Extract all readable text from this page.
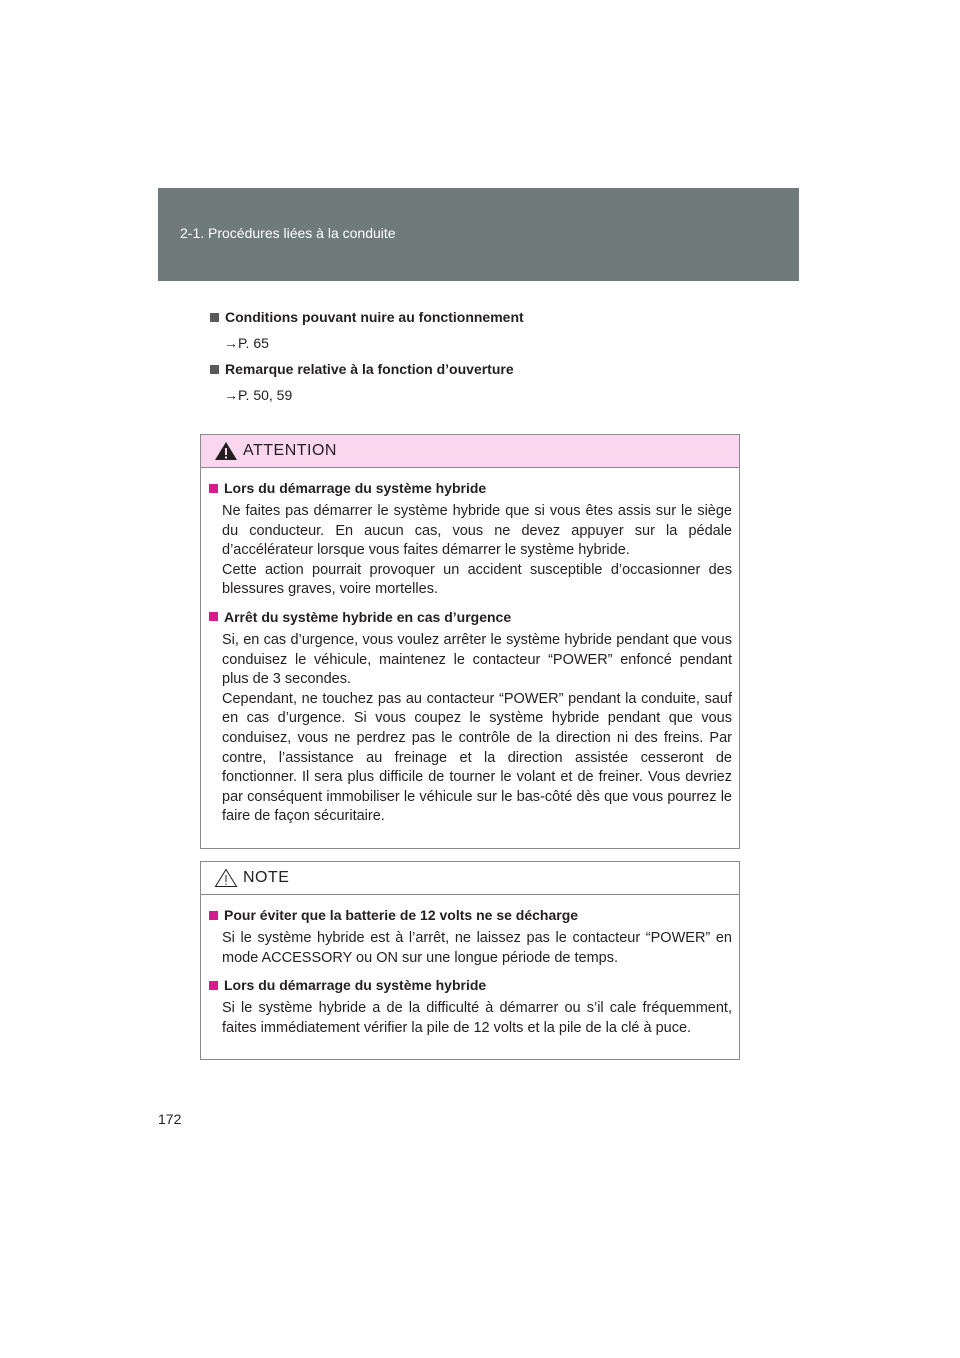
2-1. Procédures liées à la conduite
Conditions pouvant nuire au fonctionnement
→P. 65
Remarque relative à la fonction d’ouverture
→P. 50, 59
ATTENTION
Lors du démarrage du système hybride
Ne faites pas démarrer le système hybride que si vous êtes assis sur le siège du conducteur. En aucun cas, vous ne devez appuyer sur la pédale d’accélérateur lorsque vous faites démarrer le système hybride.
Cette action pourrait provoquer un accident susceptible d’occasionner des blessures graves, voire mortelles.
Arrêt du système hybride en cas d’urgence
Si, en cas d’urgence, vous voulez arrêter le système hybride pendant que vous conduisez le véhicule, maintenez le contacteur “POWER” enfoncé pendant plus de 3 secondes.
Cependant, ne touchez pas au contacteur “POWER” pendant la conduite, sauf en cas d’urgence. Si vous coupez le système hybride pendant que vous conduisez, vous ne perdrez pas le contrôle de la direction ni des freins. Par contre, l’assistance au freinage et la direction assistée cesseront de fonctionner. Il sera plus difficile de tourner le volant et de freiner. Vous devriez par conséquent immobiliser le véhicule sur le bas-côté dès que vous pourrez le faire de façon sécuritaire.
NOTE
Pour éviter que la batterie de 12 volts ne se décharge
Si le système hybride est à l’arrêt, ne laissez pas le contacteur “POWER” en mode ACCESSORY ou ON sur une longue période de temps.
Lors du démarrage du système hybride
Si le système hybride a de la difficulté à démarrer ou s’il cale fréquemment, faites immédiatement vérifier la pile de 12 volts et la pile de la clé à puce.
172
